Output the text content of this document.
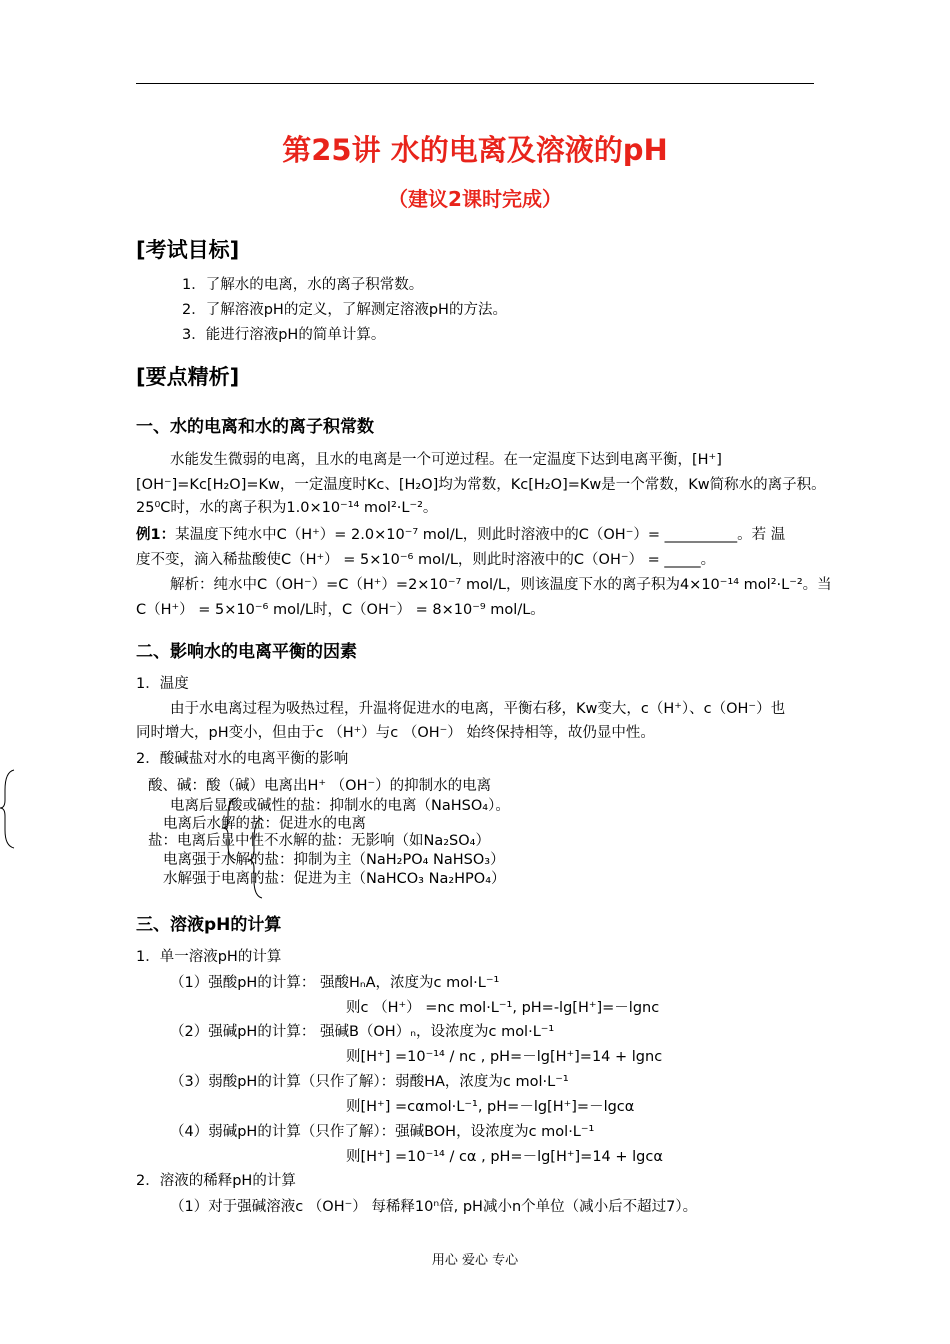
第25讲 水的电离及溶液的pH
（建议2课时完成）
[考试目标]
1．了解水的电离，水的离子积常数。
2．了解溶液pH的定义，了解测定溶液pH的方法。
3．能进行溶液pH的简单计算。
[要点精析]
一、水的电离和水的离子积常数
水能发生微弱的电离，且水的电离是一个可逆过程。在一定温度下达到电离平衡，[H⁺]
[OH⁻]=Kc[H₂O]=Kw，一定温度时Kc、[H₂O]均为常数，Kc[H₂O]=Kw是一个常数，Kw简称水的离子积。
25⁰C时，水的离子积为1.0×10⁻¹⁴ mol²·L⁻²。
例1：某温度下纯水中C（H⁺）= 2.0×10⁻⁷ mol/L，则此时溶液中的C（OH⁻）= __________。若 温
度不变，滴入稀盐酸使C（H⁺） = 5×10⁻⁶ mol/L，则此时溶液中的C（OH⁻） = _____。
解析：纯水中C（OH⁻）=C（H⁺）=2×10⁻⁷ mol/L，则该温度下水的离子积为4×10⁻¹⁴ mol²·L⁻²。当
C（H⁺） = 5×10⁻⁶ mol/L时，C（OH⁻） = 8×10⁻⁹ mol/L。
二、影响水的电离平衡的因素
1．温度
由于水电离过程为吸热过程，升温将促进水的电离，平衡右移，Kw变大，c（H⁺）、c（OH⁻）也
同时增大，pH变小，但由于c （H⁺）与c （OH⁻） 始终保持相等，故仍显中性。
2．酸碱盐对水的电离平衡的影响
酸、碱：酸（碱）电离出H⁺ （OH⁻）的抑制水的电离
电离后显酸或碱性的盐：抑制水的电离（NaHSO₄）。
电离后水解的盐：促进水的电离
盐：电离后显中性不水解的盐：无影响（如Na₂SO₄）
电离强于水解的盐：抑制为主（NaH₂PO₄ NaHSO₃）
水解强于电离的盐：促进为主（NaHCO₃ Na₂HPO₄）
三、溶液pH的计算
1．单一溶液pH的计算
（1）强酸pH的计算： 强酸HₙA，浓度为c mol·L⁻¹
则c （H⁺） =nc mol·L⁻¹, pH=-lg[H⁺]=－lgnc
（2）强碱pH的计算： 强碱B（OH）ₙ，设浓度为c mol·L⁻¹
则[H⁺] =10⁻¹⁴ / nc , pH=－lg[H⁺]=14 + lgnc
（3）弱酸pH的计算（只作了解）：弱酸HA，浓度为c mol·L⁻¹
则[H⁺] =cαmol·L⁻¹, pH=－lg[H⁺]=－lgcα
（4）弱碱pH的计算（只作了解）：强碱BOH，设浓度为c mol·L⁻¹
则[H⁺] =10⁻¹⁴ / cα , pH=－lg[H⁺]=14 + lgcα
2．溶液的稀释pH的计算
（1）对于强碱溶液c （OH⁻） 每稀释10ⁿ倍, pH减小n个单位（减小后不超过7）。
用心 爱心 专心
